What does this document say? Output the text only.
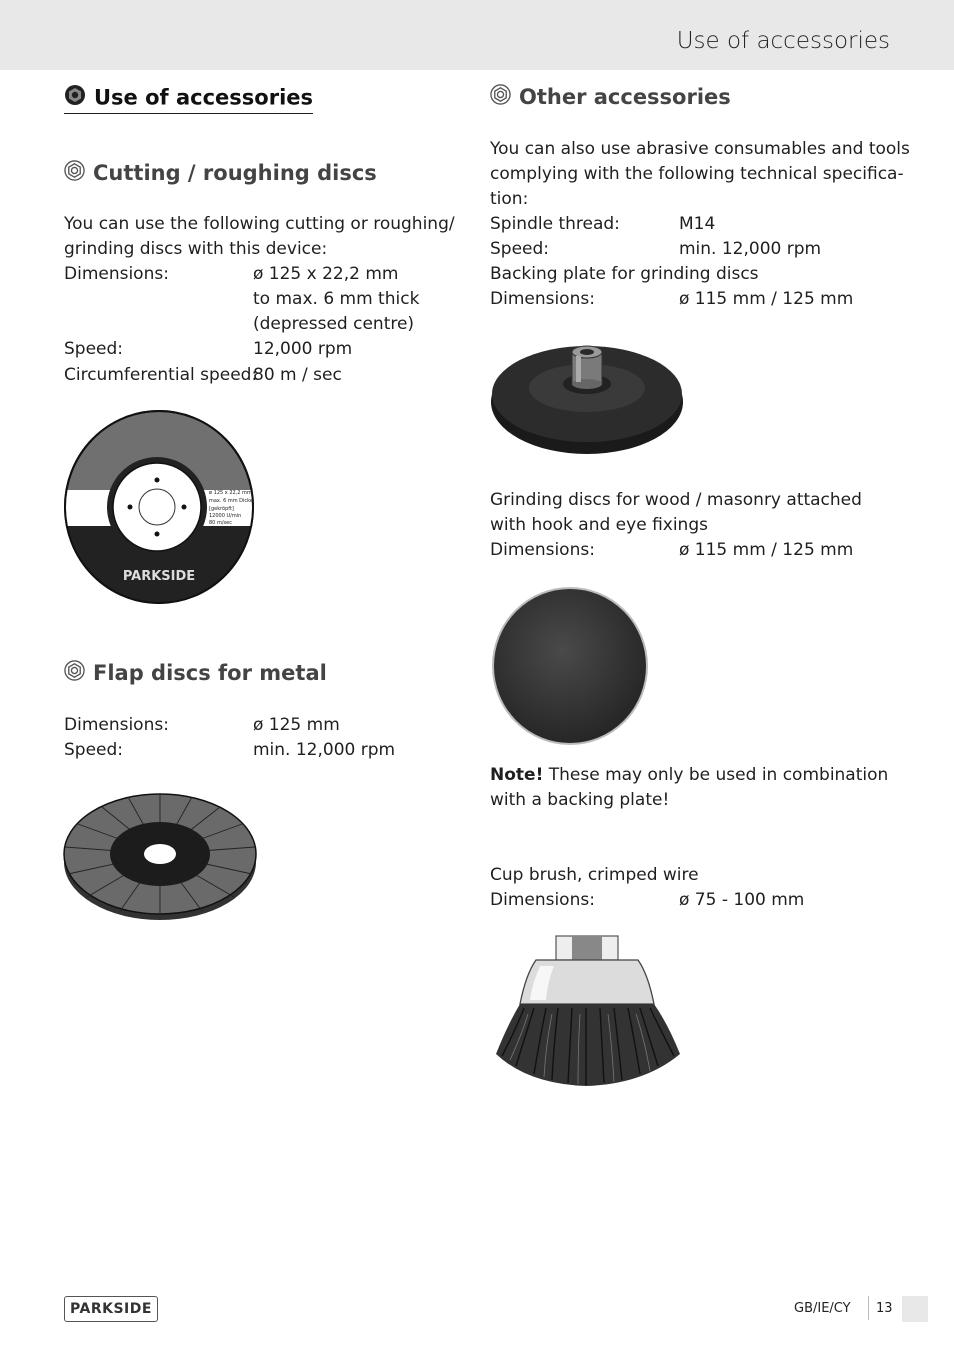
Use of accessories
Use of accessories
Cutting / roughing discs
You can use the following cutting or roughing/
grinding discs with this device:
Dimensions:	ø 125 x 22,2 mm
to max. 6 mm thick
(depressed centre)
Speed:	12,000 rpm
Circumferential speed:
80 m / sec
ø 125 x 22,2 mm
max. 6 mm Dicke
[gekröpft]
12000 U/min
80 m/sec
PARKSIDE
Flap discs for metal
Dimensions:	ø 125 mm
Speed:	min. 12,000 rpm
Other accessories
You can also use abrasive consumables and tools
complying with the following technical specifica-
tion:
Spindle thread:	M14
Speed:	min. 12,000 rpm
Backing plate for grinding discs
Dimensions:	ø 115 mm / 125 mm
Grinding discs for wood / masonry attached
with hook and eye fixings
Dimensions:	ø 115 mm / 125 mm
Note! These may only be used in combination
with a backing plate!
Cup brush, crimped wire
Dimensions:	ø 75 - 100 mm
PARKSIDE	GB/IE/CY 13
